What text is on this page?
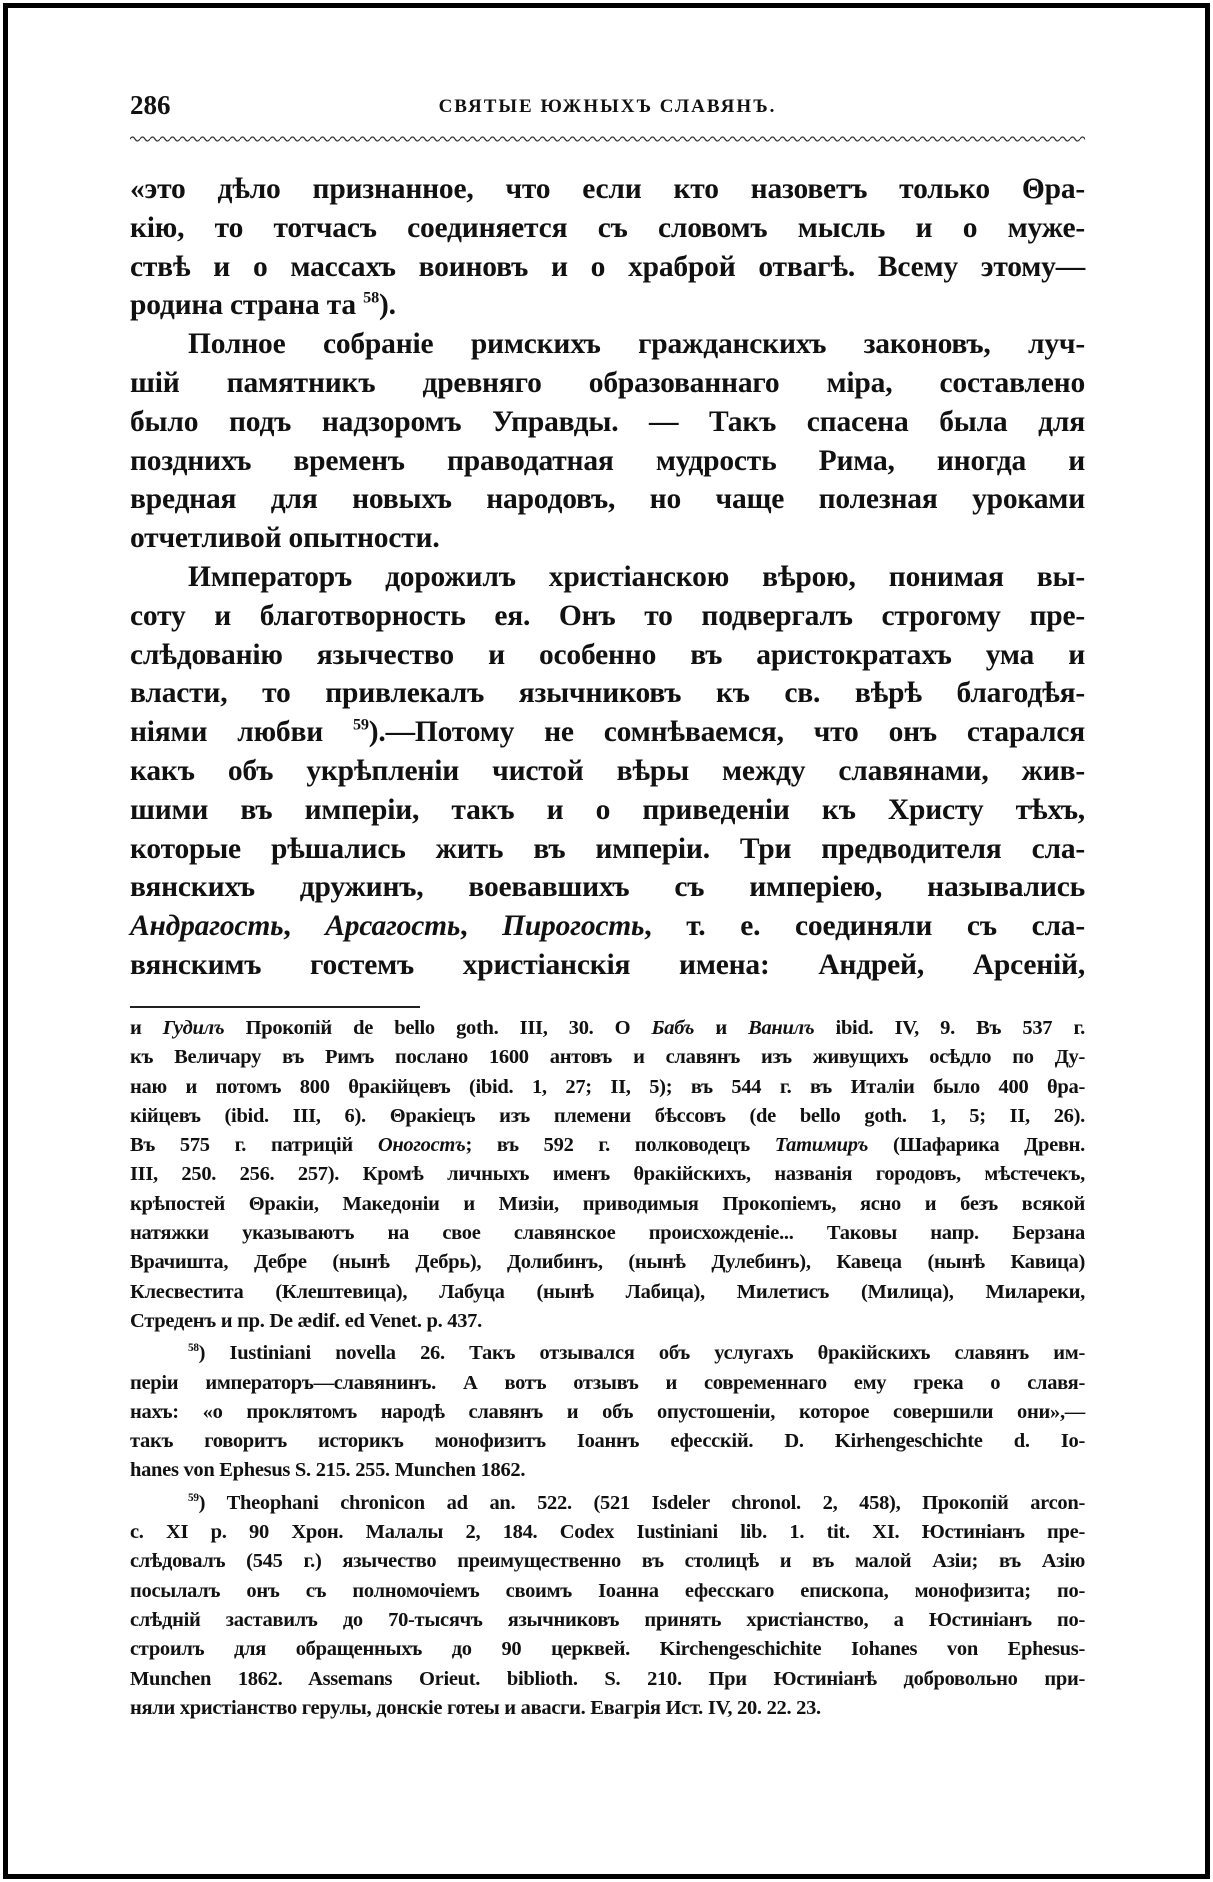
286	СВЯТЫЕ ЮЖНЫХЪ СЛАВЯНЪ.
«это дѣло признанное, что если кто назоветъ только Θра-
кію, то тотчасъ соединяется съ словомъ мысль и о муже-
ствѣ и о массахъ воиновъ и о храброй отвагѣ. Всему этому—
родина страна та $^{58}$).
Полное собраніе римскихъ гражданскихъ законовъ, луч-
шій памятникъ древняго образованнаго міра, составлено
было подъ надзоромъ Управды. — Такъ спасена была для
позднихъ временъ праводатная мудрость Рима, иногда и
вредная для новыхъ народовъ, но чаще полезная уроками
отчетливой опытности.
Императоръ дорожилъ христіанскою вѣрою, понимая вы-
соту и благотворность ея. Онъ то подвергалъ строгому пре-
слѣдованію язычество и особенно въ аристократахъ ума и
власти, то привлекалъ язычниковъ къ св. вѣрѣ благодѣя-
ніями любви $^{59}$).—Потому не сомнѣваемся, что онъ старался
какъ объ укрѣпленіи чистой вѣры между славянами, жив-
шими въ имперіи, такъ и о приведеніи къ Христу тѣхъ,
которые рѣшались жить въ имперіи. Три предводителя сла-
вянскихъ дружинъ, воевавшихъ съ имперіею, назывались
Андрагость, Арсагость, Пирогость, т. е. соединяли съ сла-
вянскимъ гостемъ христіанскія имена: Андрей, Арсеній,
и Гудилъ Прокопій de bello goth. III, 30. О Бабъ и Ванилъ ibid. IV, 9. Въ 537 г.
къ Величару въ Римъ послано 1600 антовъ и славянъ изъ живущихъ осѣдло по Ду-
наю и потомъ 800 θракійцевъ (ibid. 1, 27; II, 5); въ 544 г. въ Италіи было 400 θра-
кійцевъ (ibid. III, 6). Θракіецъ изъ племени бѣссовъ (de bello goth. 1, 5; II, 26).
Въ 575 г. патрицій Оногостъ; въ 592 г. полководецъ Татимиръ (Шафарика Древн.
III, 250. 256. 257). Кромѣ личныхъ именъ θракійскихъ, названія городовъ, мѣстечекъ,
крѣпостей Θракіи, Македоніи и Мизіи, приводимыя Прокопіемъ, ясно и безъ всякой
натяжки указываютъ на свое славянское происхожденіе... Таковы напр. Берзана
Врачишта, Дебре (нынѣ Дебрь), Долибинъ, (нынѣ Дулебинъ), Кавеца (нынѣ Кавица)
Клесвестита (Клештевица), Лабуца (нынѣ Лабица), Милетисъ (Милица), Милареки,
Стреденъ и пр. De ædif. ed Venet. p. 437.
$^{58}$) Iustiniani novella 26. Такъ отзывался объ услугахъ θракійскихъ славянъ им-
періи императоръ—славянинъ. А вотъ отзывъ и современнаго ему грека о славя-
нахъ: «о проклятомъ народѣ славянъ и объ опустошеніи, которое совершили они»,—
такъ говоритъ историкъ монофизитъ Іоаннъ ефесскій. D. Kirhengeschichte d. Іо-
hanes von Ephesus S. 215. 255. Munchen 1862.
$^{59}$) Theophani chronicon ad an. 522. (521 Isdeler chronol. 2, 458), Прокопій arcon-
c. XI p. 90 Хрон. Малалы 2, 184. Codex Iustiniani lib. 1. tit. XI. Юстиніанъ пре-
слѣдовалъ (545 г.) язычество преимущественно въ столицѣ и въ малой Азіи; въ Азію
посылалъ онъ съ полномочіемъ своимъ Іоанна ефесскаго епископа, монофизита; по-
слѣдній заставилъ до 70-тысячъ язычниковъ принять христіанство, а Юстиніанъ по-
строилъ для обращенныхъ до 90 церквей. Kirchengeschichite Iohanes von Ephesus-
Munchen 1862. Assemans Orieut. biblioth. S. 210. При Юстиніанѣ добровольно при-
няли христіанство герулы, донскіе готеы и авасги. Евагрія Ист. IV, 20. 22. 23.
